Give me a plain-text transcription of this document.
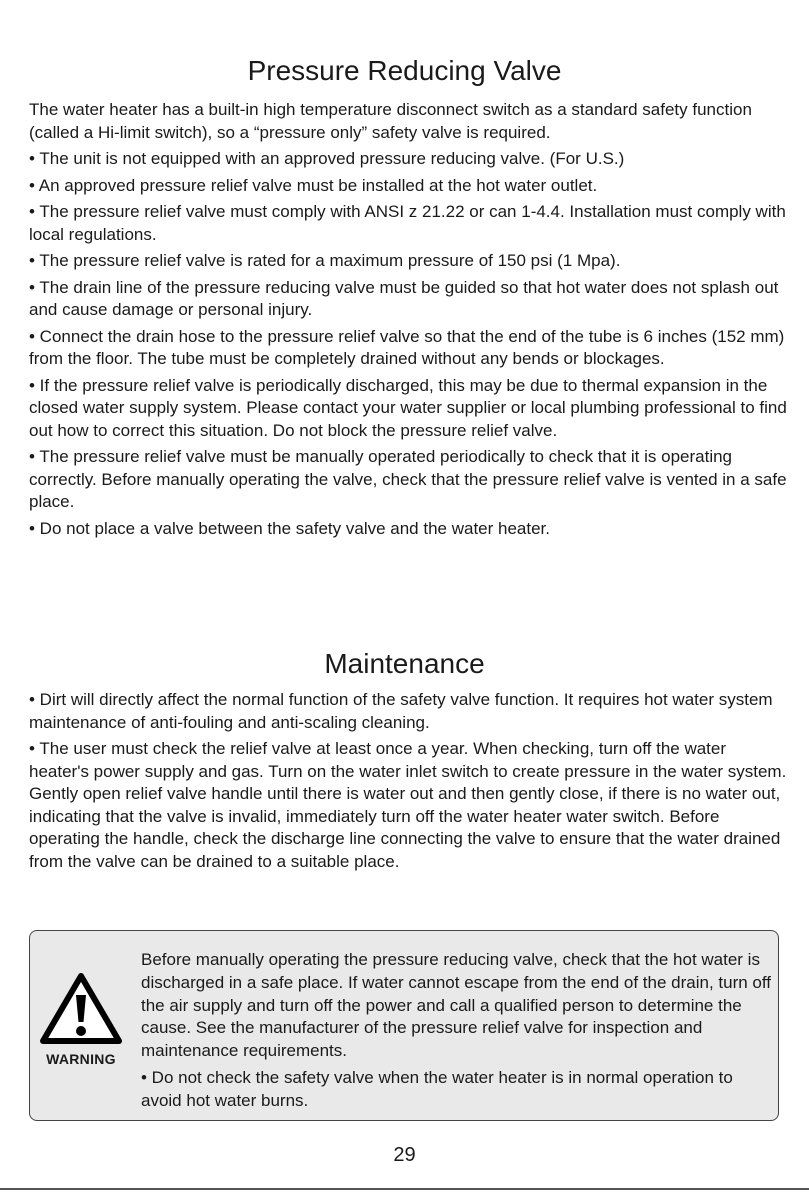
Pressure Reducing Valve

The water heater has a built-in high temperature disconnect switch as a standard safety function (called a Hi-limit switch), so a “pressure only” safety valve is required.

• The unit is not equipped with an approved pressure reducing valve. (For U.S.)

• An approved pressure relief valve must be installed at the hot water outlet.

• The pressure relief valve must comply with ANSI z 21.22 or can 1-4.4. Installation must comply with local regulations.

• The pressure relief valve is rated for a maximum pressure of 150 psi (1 Mpa).

• The drain line of the pressure reducing valve must be guided so that hot water does not splash out and cause damage or personal injury.

• Connect the drain hose to the pressure relief valve so that the end of the tube is 6 inches (152 mm) from the floor. The tube must be completely drained without any bends or blockages.

• If the pressure relief valve is periodically discharged, this may be due to thermal expansion in the closed water supply system. Please contact your water supplier or local plumbing professional to find out how to correct this situation. Do not block the pressure relief valve.

• The pressure relief valve must be manually operated periodically to check that it is operating correctly. Before manually operating the valve, check that the pressure relief valve is vented in a safe place.

• Do not place a valve between the safety valve and the water heater.

Maintenance

• Dirt will directly affect the normal function of the safety valve function. It requires hot water system maintenance of anti-fouling and anti-scaling cleaning.

• The user must check the relief valve at least once a year. When checking, turn off the water heater's power supply and gas. Turn on the water inlet switch to create pressure in the water system. Gently open relief valve handle until there is water out and then gently close, if there is no water out, indicating that the valve is invalid, immediately turn off the water heater water switch. Before operating the handle, check the discharge line connecting the valve to ensure that the water drained from the valve can be drained to a suitable place.

WARNING

Before manually operating the pressure reducing valve, check that the hot water is discharged in a safe place. If water cannot escape from the end of the drain, turn off the air supply and turn off the power and call a qualified person to determine the cause. See the manufacturer of the pressure relief valve for inspection and maintenance requirements.

• Do not check the safety valve when the water heater is in normal operation to avoid hot water burns.

29
